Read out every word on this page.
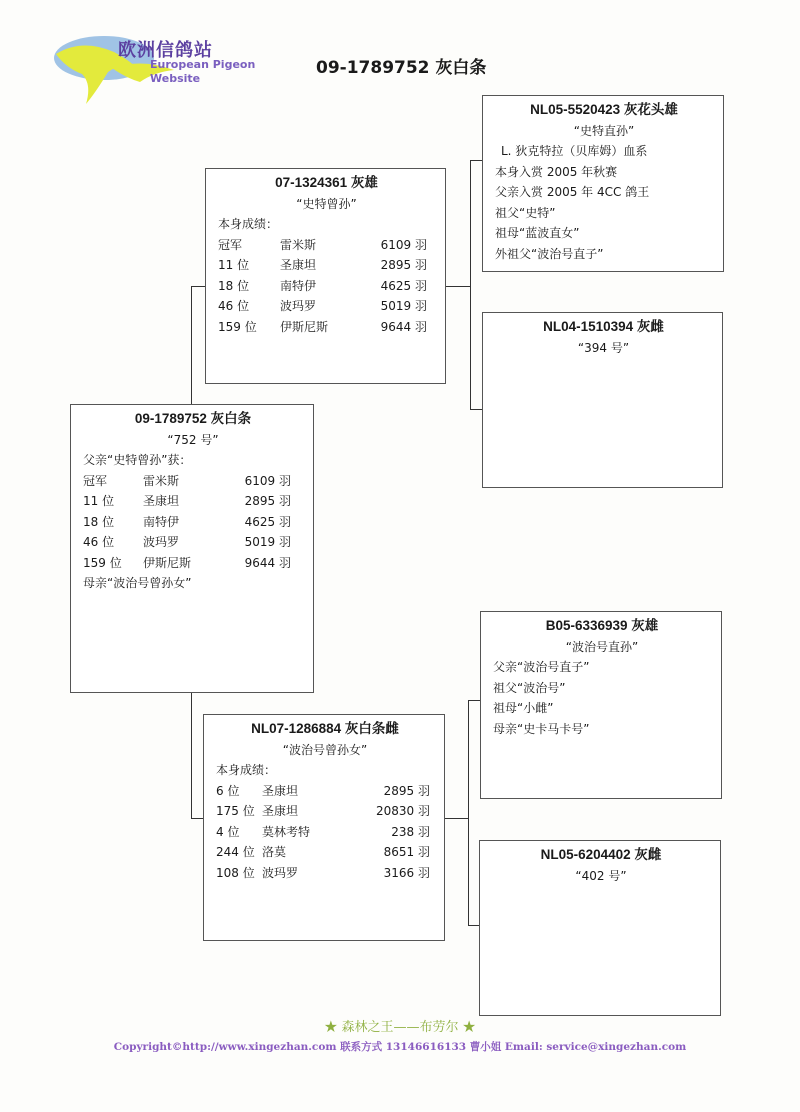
欧洲信鸽站
European Pigeon
Website
09-1789752 灰白条
09-1789752 灰白条
“752 号”
父亲“史特曾孙”获：
冠军	雷米斯	6109 羽
11 位	圣康坦	2895 羽
18 位	南特伊	4625 羽
46 位	波玛罗	5019 羽
159 位	伊斯尼斯	9644 羽
母亲“波治号曾孙女”
07-1324361 灰雄
“史特曾孙”
本身成绩：
冠军	雷米斯	6109 羽
11 位	圣康坦	2895 羽
18 位	南特伊	4625 羽
46 位	波玛罗	5019 羽
159 位	伊斯尼斯	9644 羽
NL07-1286884 灰白条雌
“波治号曾孙女”
本身成绩：
6 位	圣康坦	2895 羽
175 位 圣康坦	20830 羽
4 位	莫林考特	238 羽
244 位 洛莫	8651 羽
108 位 波玛罗	3166 羽
NL05-5520423 灰花头雄
“史特直孙”
L. 狄克特拉（贝库姆）血系
本身入赏 2005 年秋赛
父亲入赏 2005 年 4CC 鸽王
祖父“史特”
祖母“蓝波直女”
外祖父“波治号直子”
NL04-1510394 灰雌
“394 号”
B05-6336939 灰雄
“波治号直孙”
父亲“波治号直子”
祖父“波治号”
祖母“小雌”
母亲“史卡马卡号”
NL05-6204402 灰雌
“402 号”
★ 森林之王——布劳尔 ★
Copyright©http://www.xingezhan.com 联系方式 13146616133 曹小姐 Email: service@xingezhan.com
